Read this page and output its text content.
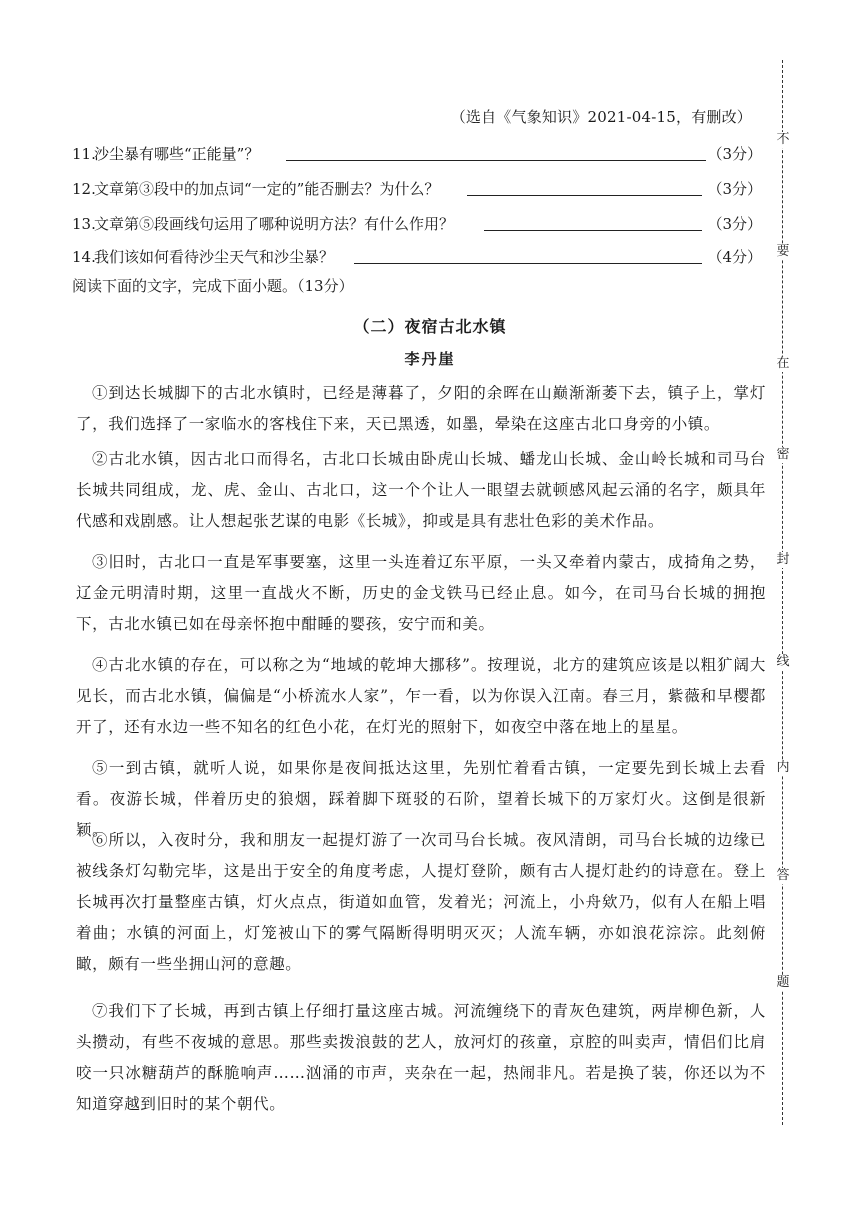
（选自《气象知识》2021-04-15，有删改）
11.沙尘暴有哪些“正能量”？	（3分）
12.文章第③段中的加点词“一定的”能否删去？为什么？	（3分）
13.文章第⑤段画线句运用了哪种说明方法？有什么作用？	（3分）
14.我们该如何看待沙尘天气和沙尘暴？	（4分）
阅读下面的文字，完成下面小题。（13分）
（二）夜宿古北水镇
李丹崖
①到达长城脚下的古北水镇时，已经是薄暮了，夕阳的余晖在山巅渐渐萎下去，镇子上，掌灯了，我们选择了一家临水的客栈住下来，天已黑透，如墨，晕染在这座古北口身旁的小镇。
②古北水镇，因古北口而得名，古北口长城由卧虎山长城、蟠龙山长城、金山岭长城和司马台长城共同组成，龙、虎、金山、古北口，这一个个让人一眼望去就顿感风起云涌的名字，颇具年代感和戏剧感。让人想起张艺谋的电影《长城》，抑或是具有悲壮色彩的美术作品。
③旧时，古北口一直是军事要塞，这里一头连着辽东平原，一头又牵着内蒙古，成掎角之势，辽金元明清时期，这里一直战火不断，历史的金戈铁马已经止息。如今，在司马台长城的拥抱下，古北水镇已如在母亲怀抱中酣睡的婴孩，安宁而和美。
④古北水镇的存在，可以称之为“地域的乾坤大挪移”。按理说，北方的建筑应该是以粗犷阔大见长，而古北水镇，偏偏是“小桥流水人家”，乍一看，以为你误入江南。春三月，紫薇和早樱都开了，还有水边一些不知名的红色小花，在灯光的照射下，如夜空中落在地上的星星。
⑤一到古镇，就听人说，如果你是夜间抵达这里，先别忙着看古镇，一定要先到长城上去看看。夜游长城，伴着历史的狼烟，踩着脚下斑驳的石阶，望着长城下的万家灯火。这倒是很新颖。
⑥所以，入夜时分，我和朋友一起提灯游了一次司马台长城。夜风清朗，司马台长城的边缘已被线条灯勾勒完毕，这是出于安全的角度考虑，人提灯登阶，颇有古人提灯赴约的诗意在。登上长城再次打量整座古镇，灯火点点，街道如血管，发着光；河流上，小舟欸乃，似有人在船上唱着曲；水镇的河面上，灯笼被山下的雾气隔断得明明灭灭；人流车辆，亦如浪花淙淙。此刻俯瞰，颇有一些坐拥山河的意趣。
⑦我们下了长城，再到古镇上仔细打量这座古城。河流缠绕下的青灰色建筑，两岸柳色新，人头攒动，有些不夜城的意思。那些卖拨浪鼓的艺人，放河灯的孩童，京腔的叫卖声，情侣们比肩咬一只冰糖葫芦的酥脆响声……汹涌的市声，夹杂在一起，热闹非凡。若是换了装，你还以为不知道穿越到旧时的某个朝代。
不
要
在
密
封
线
内
答
题
